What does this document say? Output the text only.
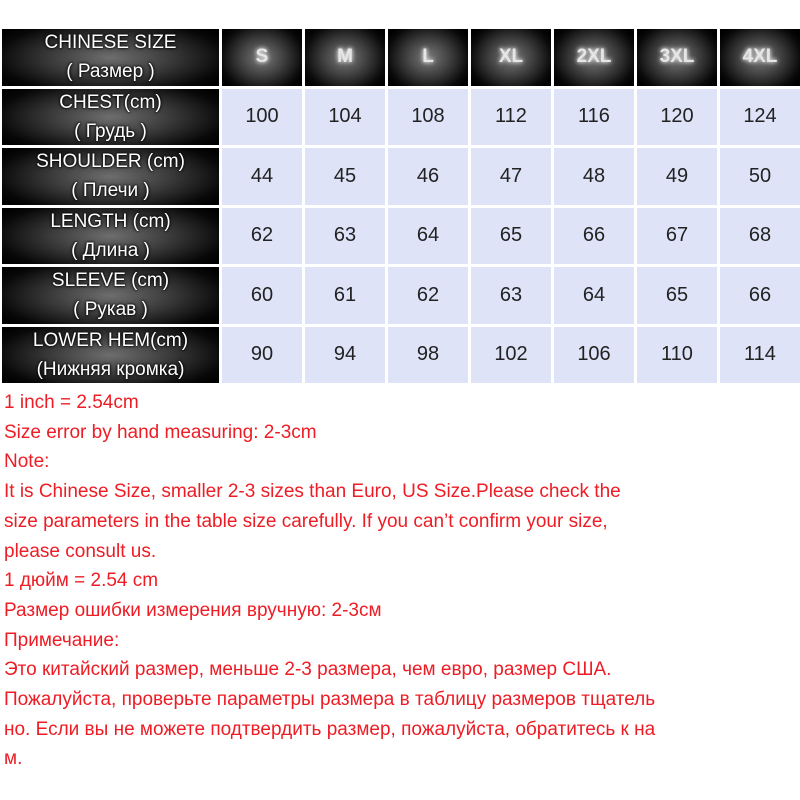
CHINESE SIZE
( Размер )
S	M	L	XL	2XL	3XL	4XL
CHEST(cm)
( Грудь )
100	104	108	112	116	120	124
SHOULDER (cm)
( Плечи )
44	45	46	47	48	49	50
LENGTH (cm)
( Длина )
62	63	64	65	66	67	68
SLEEVE (cm)
( Рукав )
60	61	62	63	64	65	66
LOWER HEM(cm)
(Нижняя кромка)
90	94	98	102	106	110	114
1 inch = 2.54cm
Size error by hand measuring: 2-3cm
Note:
It is Chinese Size, smaller 2-3 sizes than Euro, US Size.Please check the
size parameters in the table size carefully. If you can’t confirm your size,
please consult us.
1 дюйм = 2.54 cm
Размер ошибки измерения вручную: 2-3см
Примечание:
Это китайский размер, меньше 2-3 размера, чем евро, размер США.
Пожалуйста, проверьте параметры размера в таблицу размеров тщатель
но. Если вы не можете подтвердить размер, пожалуйста, обратитесь к на
м.
